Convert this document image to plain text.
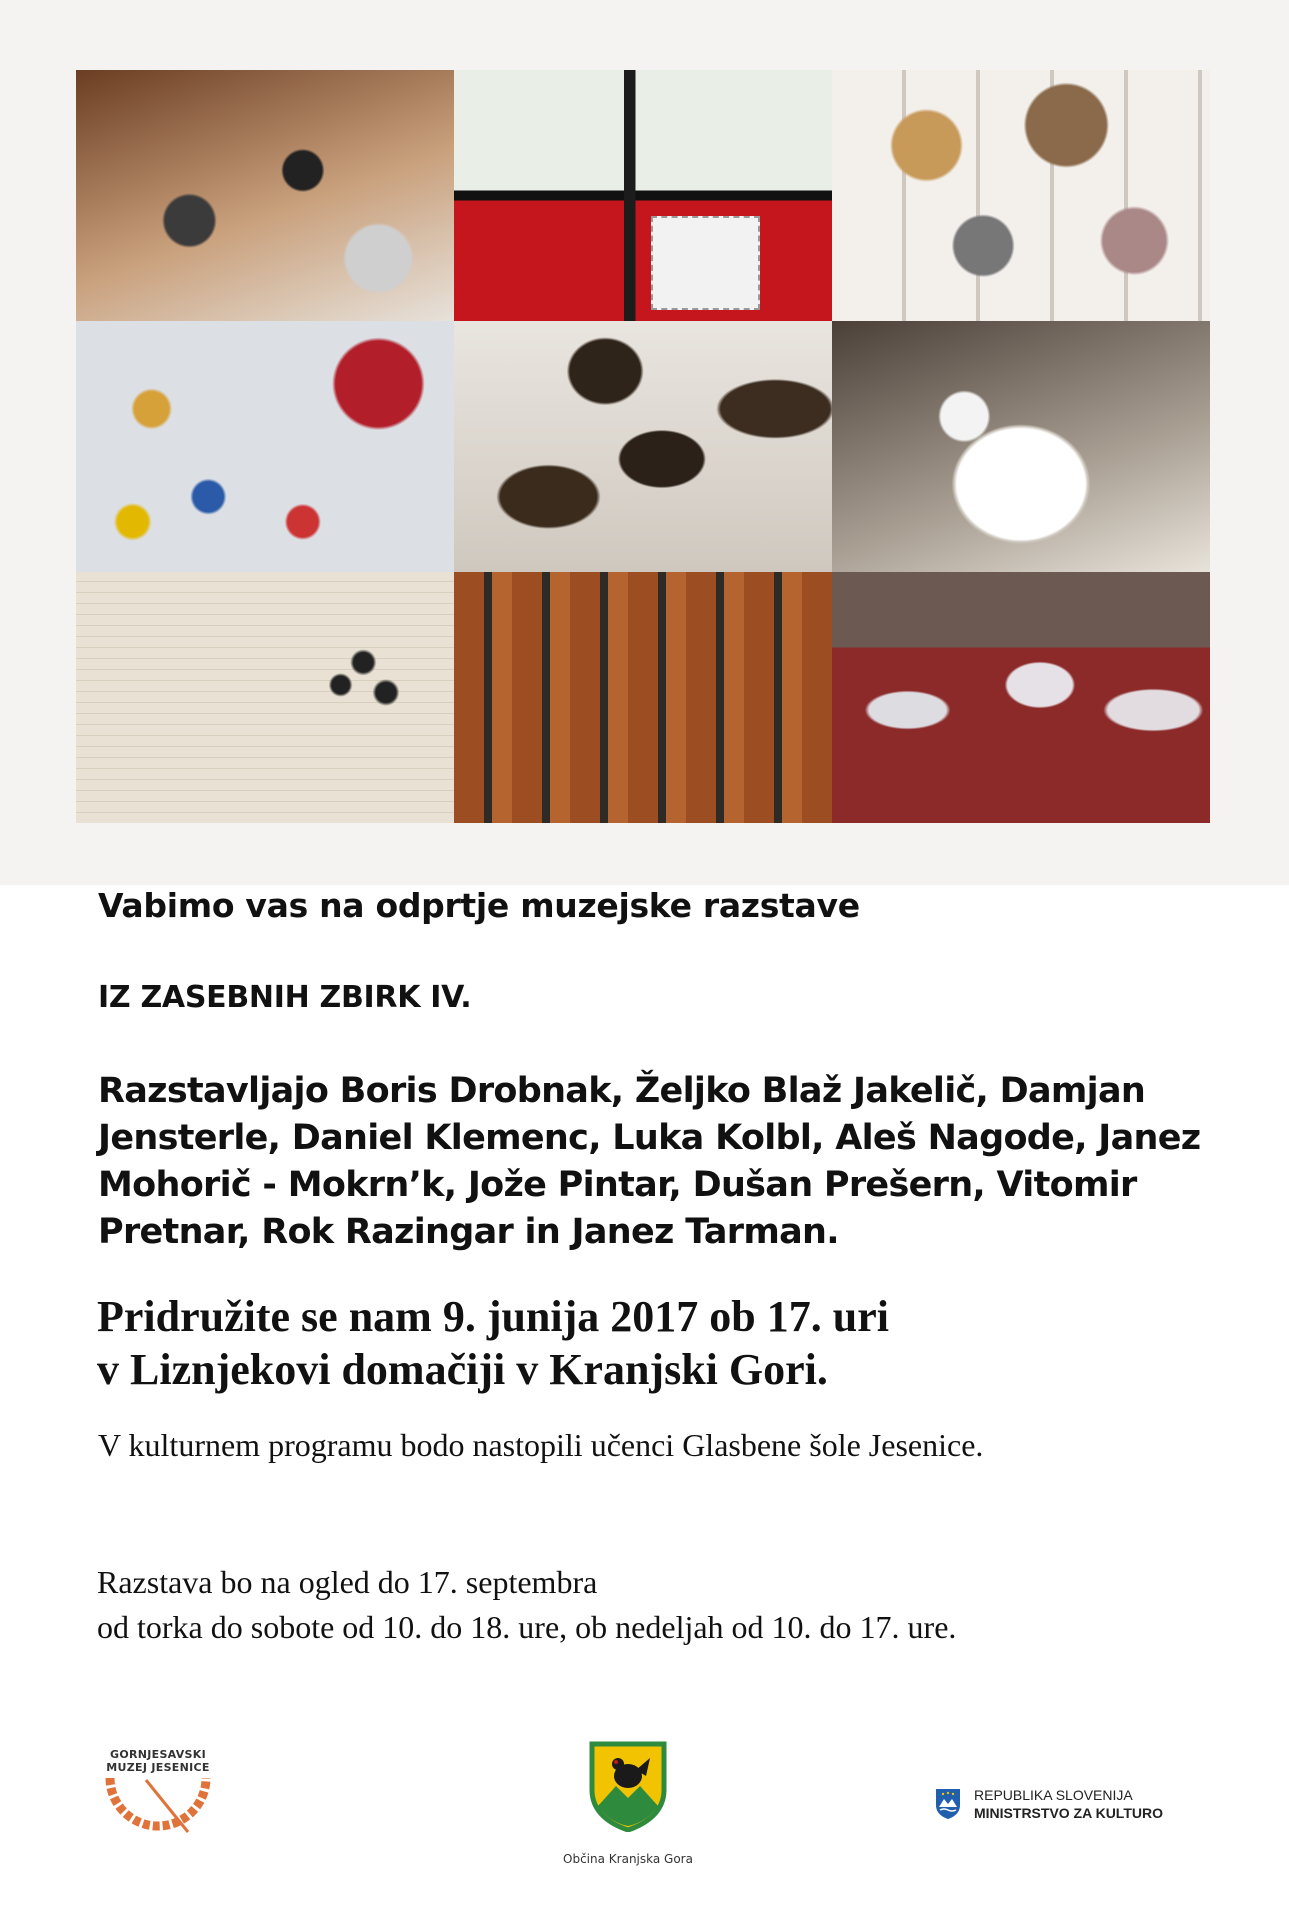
Vabimo vas na odprtje muzejske razstave

IZ ZASEBNIH ZBIRK IV.

Razstavljajo Boris Drobnak, Željko Blaž Jakelič, Damjan
Jensterle, Daniel Klemenc, Luka Kolbl, Aleš Nagode, Janez
Mohorič - Mokrn’k, Jože Pintar, Dušan Prešern, Vitomir
Pretnar, Rok Razingar in Janez Tarman.

Pridružite se nam 9. junija 2017 ob 17. uri
v Liznjekovi domačiji v Kranjski Gori.

V kulturnem programu bodo nastopili učenci Glasbene šole Jesenice.

Razstava bo na ogled do 17. septembra
od torka do sobote od 10. do 18. ure, ob nedeljah od 10. do 17. ure.

GORNJESAVSKI
MUZEJ JESENICE
Občina Kranjska Gora
REPUBLIKA SLOVENIJA
MINISTRSTVO ZA KULTURO
